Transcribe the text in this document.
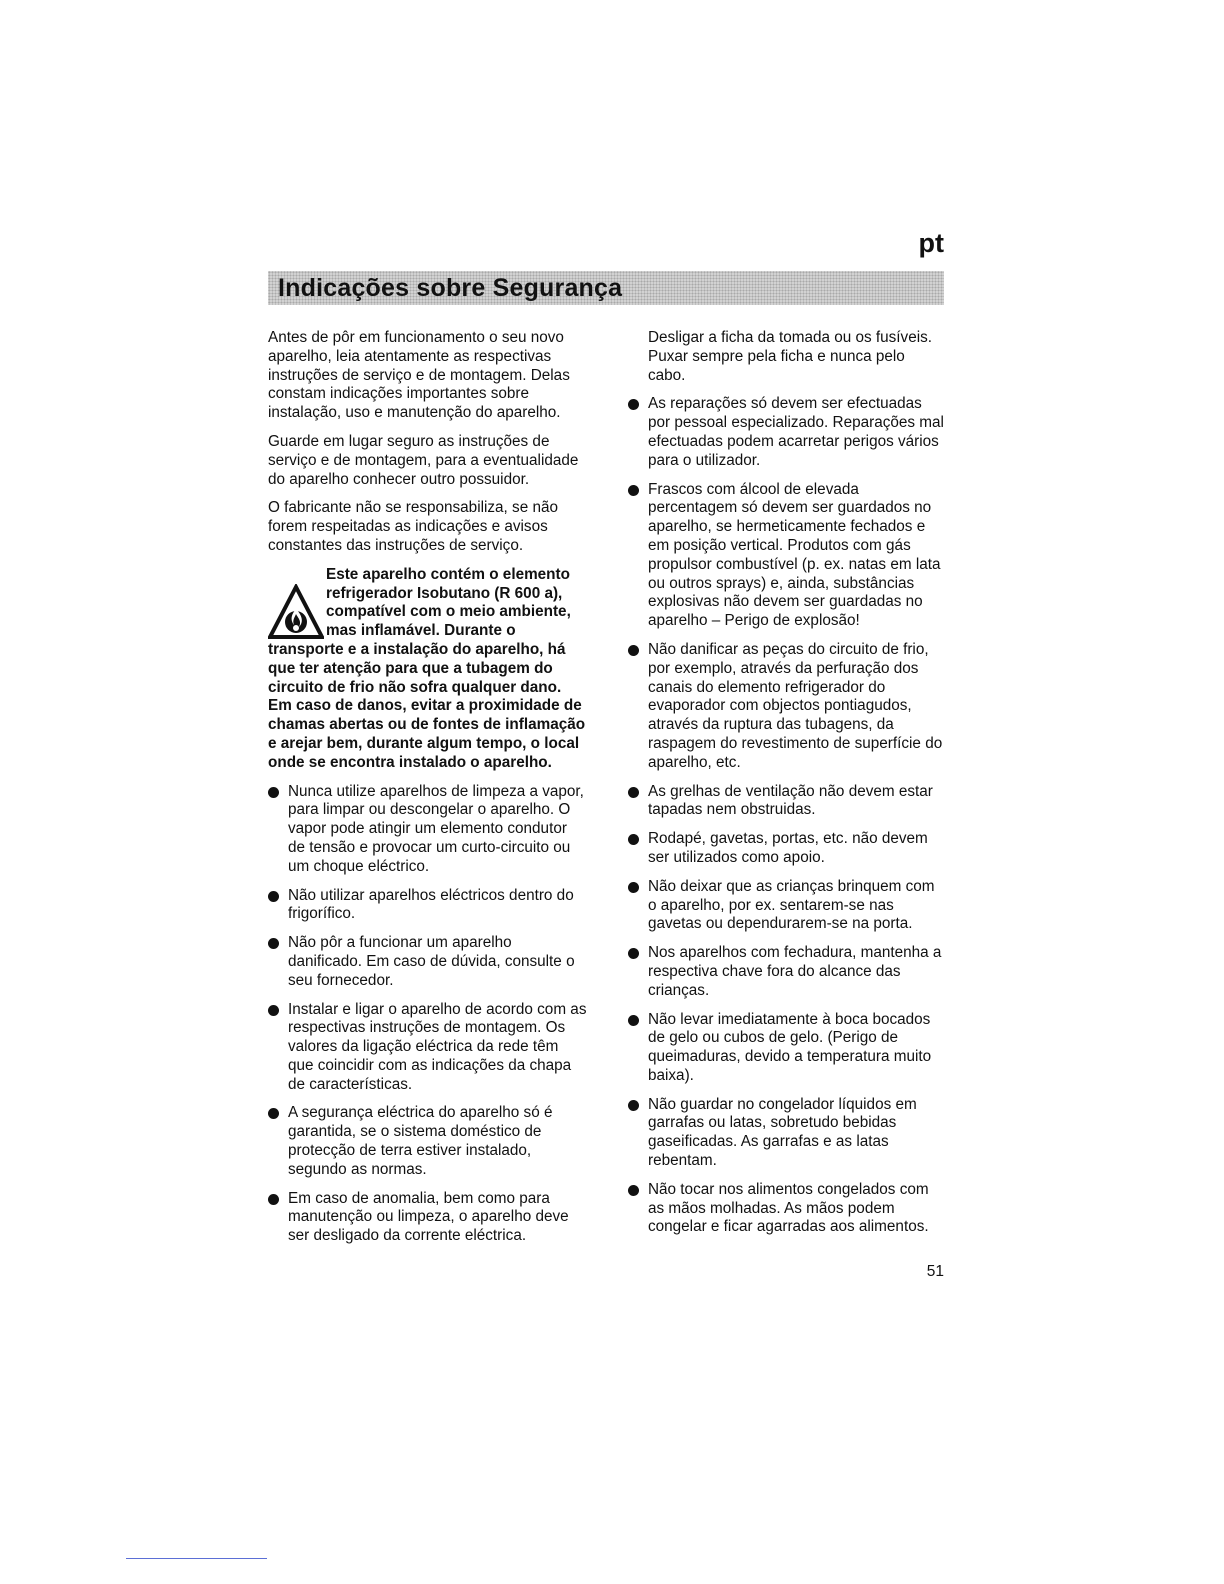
pt
Indicações sobre Segurança

Antes de pôr em funcionamento o seu novo aparelho, leia atentamente as respectivas instruções de serviço e de montagem. Delas constam indicações importantes sobre instalação, uso e manutenção do aparelho.

Guarde em lugar seguro as instruções de serviço e de montagem, para a eventualidade do aparelho conhecer outro possuidor.

O fabricante não se responsabiliza, se não forem respeitadas as indicações e avisos constantes das instruções de serviço.

Este aparelho contém o elemento refrigerador Isobutano (R 600 a), compatível com o meio ambiente, mas inflamável. Durante o transporte e a instalação do aparelho, há que ter atenção para que a tubagem do circuito de frio não sofra qualquer dano. Em caso de danos, evitar a proximidade de chamas abertas ou de fontes de inflamação e arejar bem, durante algum tempo, o local onde se encontra instalado o aparelho.
Nunca utilize aparelhos de limpeza a vapor, para limpar ou descongelar o aparelho. O vapor pode atingir um elemento condutor de tensão e provocar um curto-circuito ou um choque eléctrico.
Não utilizar aparelhos eléctricos dentro do frigorífico.
Não pôr a funcionar um aparelho danificado. Em caso de dúvida, consulte o seu fornecedor.
Instalar e ligar o aparelho de acordo com as respectivas instruções de montagem. Os valores da ligação eléctrica da rede têm que coincidir com as indicações da chapa de características.
A segurança eléctrica do aparelho só é garantida, se o sistema doméstico de protecção de terra estiver instalado, segundo as normas.
Em caso de anomalia, bem como para manutenção ou limpeza, o aparelho deve ser desligado da corrente eléctrica.
Desligar a ficha da tomada ou os fusíveis. Puxar sempre pela ficha e nunca pelo cabo.
As reparações só devem ser efectuadas por pessoal especializado. Reparações mal efectuadas podem acarretar perigos vários para o utilizador.
Frascos com álcool de elevada percentagem só devem ser guardados no aparelho, se hermeticamente fechados e em posição vertical. Produtos com gás propulsor combustível (p. ex. natas em lata ou outros sprays) e, ainda, substâncias explosivas não devem ser guardadas no aparelho – Perigo de explosão!
Não danificar as peças do circuito de frio, por exemplo, através da perfuração dos canais do elemento refrigerador do evaporador com objectos pontiagudos, através da ruptura das tubagens, da raspagem do revestimento de superfície do aparelho, etc.
As grelhas de ventilação não devem estar tapadas nem obstruidas.
Rodapé, gavetas, portas, etc. não devem ser utilizados como apoio.
Não deixar que as crianças brinquem com o aparelho, por ex. sentarem-se nas gavetas ou dependurarem-se na porta.
Nos aparelhos com fechadura, mantenha a respectiva chave fora do alcance das crianças.
Não levar imediatamente à boca bocados de gelo ou cubos de gelo. (Perigo de queimaduras, devido a temperatura muito baixa).
Não guardar no congelador líquidos em garrafas ou latas, sobretudo bebidas gaseificadas. As garrafas e as latas rebentam.
Não tocar nos alimentos congelados com as mãos molhadas. As mãos podem congelar e ficar agarradas aos alimentos.
51
